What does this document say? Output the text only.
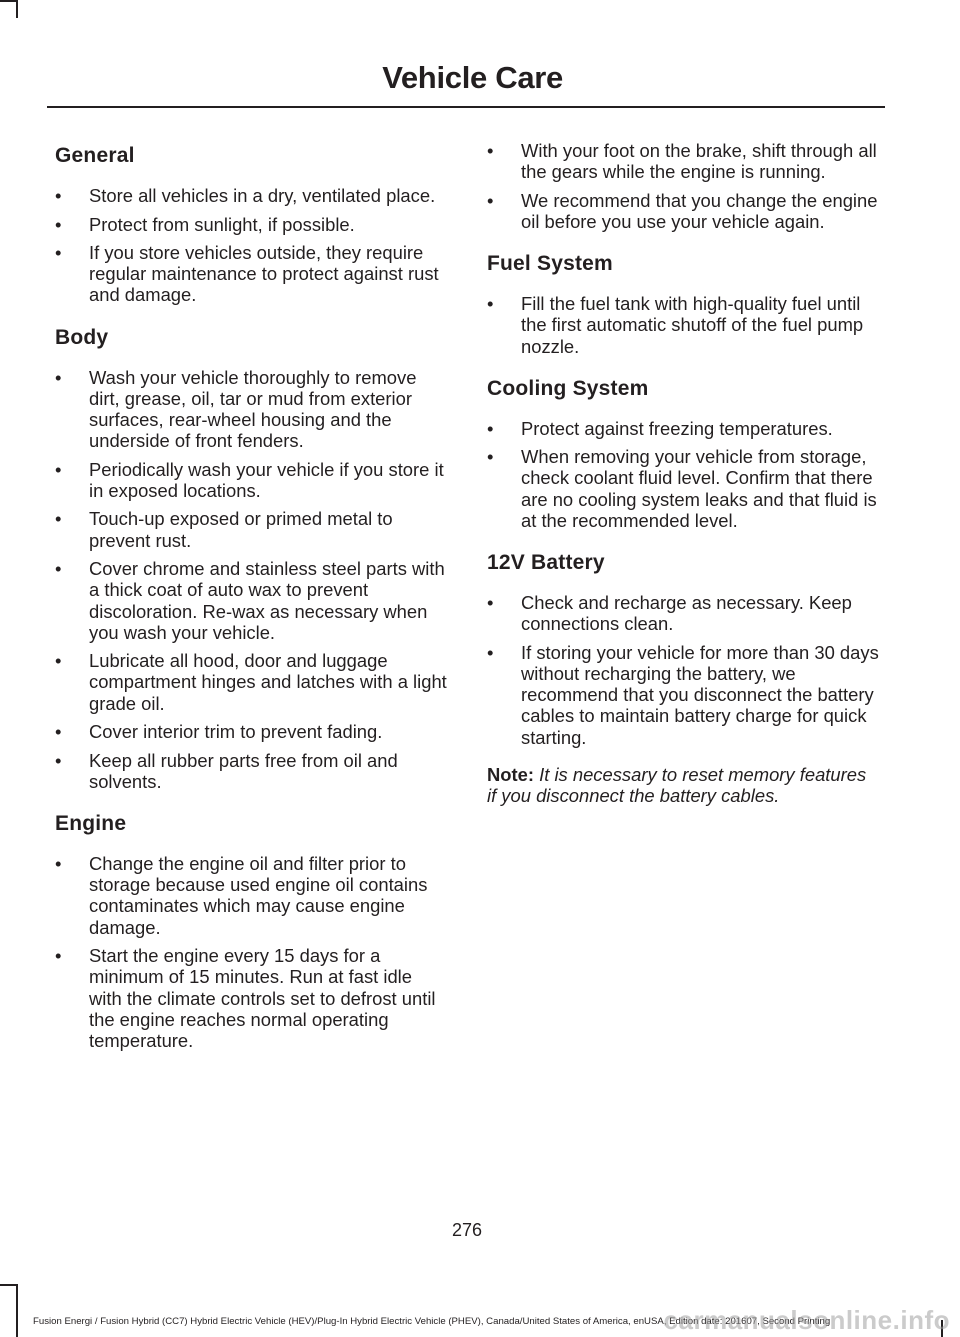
Vehicle Care
General
• Store all vehicles in a dry, ventilated place.
• Protect from sunlight, if possible.
• If you store vehicles outside, they require regular maintenance to protect against rust and damage.
Body
• Wash your vehicle thoroughly to remove dirt, grease, oil, tar or mud from exterior surfaces, rear-wheel housing and the underside of front fenders.
• Periodically wash your vehicle if you store it in exposed locations.
• Touch-up exposed or primed metal to prevent rust.
• Cover chrome and stainless steel parts with a thick coat of auto wax to prevent discoloration. Re-wax as necessary when you wash your vehicle.
• Lubricate all hood, door and luggage compartment hinges and latches with a light grade oil.
• Cover interior trim to prevent fading.
• Keep all rubber parts free from oil and solvents.
Engine
• Change the engine oil and filter prior to storage because used engine oil contains contaminates which may cause engine damage.
• Start the engine every 15 days for a minimum of 15 minutes. Run at fast idle with the climate controls set to defrost until the engine reaches normal operating temperature.
• With your foot on the brake, shift through all the gears while the engine is running.
• We recommend that you change the engine oil before you use your vehicle again.
Fuel System
• Fill the fuel tank with high-quality fuel until the first automatic shutoff of the fuel pump nozzle.
Cooling System
• Protect against freezing temperatures.
• When removing your vehicle from storage, check coolant fluid level. Confirm that there are no cooling system leaks and that fluid is at the recommended level.
12V Battery
• Check and recharge as necessary. Keep connections clean.
• If storing your vehicle for more than 30 days without recharging the battery, we recommend that you disconnect the battery cables to maintain battery charge for quick starting.

Note: It is necessary to reset memory features if you disconnect the battery cables.

276
Fusion Energi / Fusion Hybrid (CC7) Hybrid Electric Vehicle (HEV)/Plug-In Hybrid Electric Vehicle (PHEV), Canada/United States of America, enUSA, Edition date: 201607, Second Printing
carmanualsonline.info
